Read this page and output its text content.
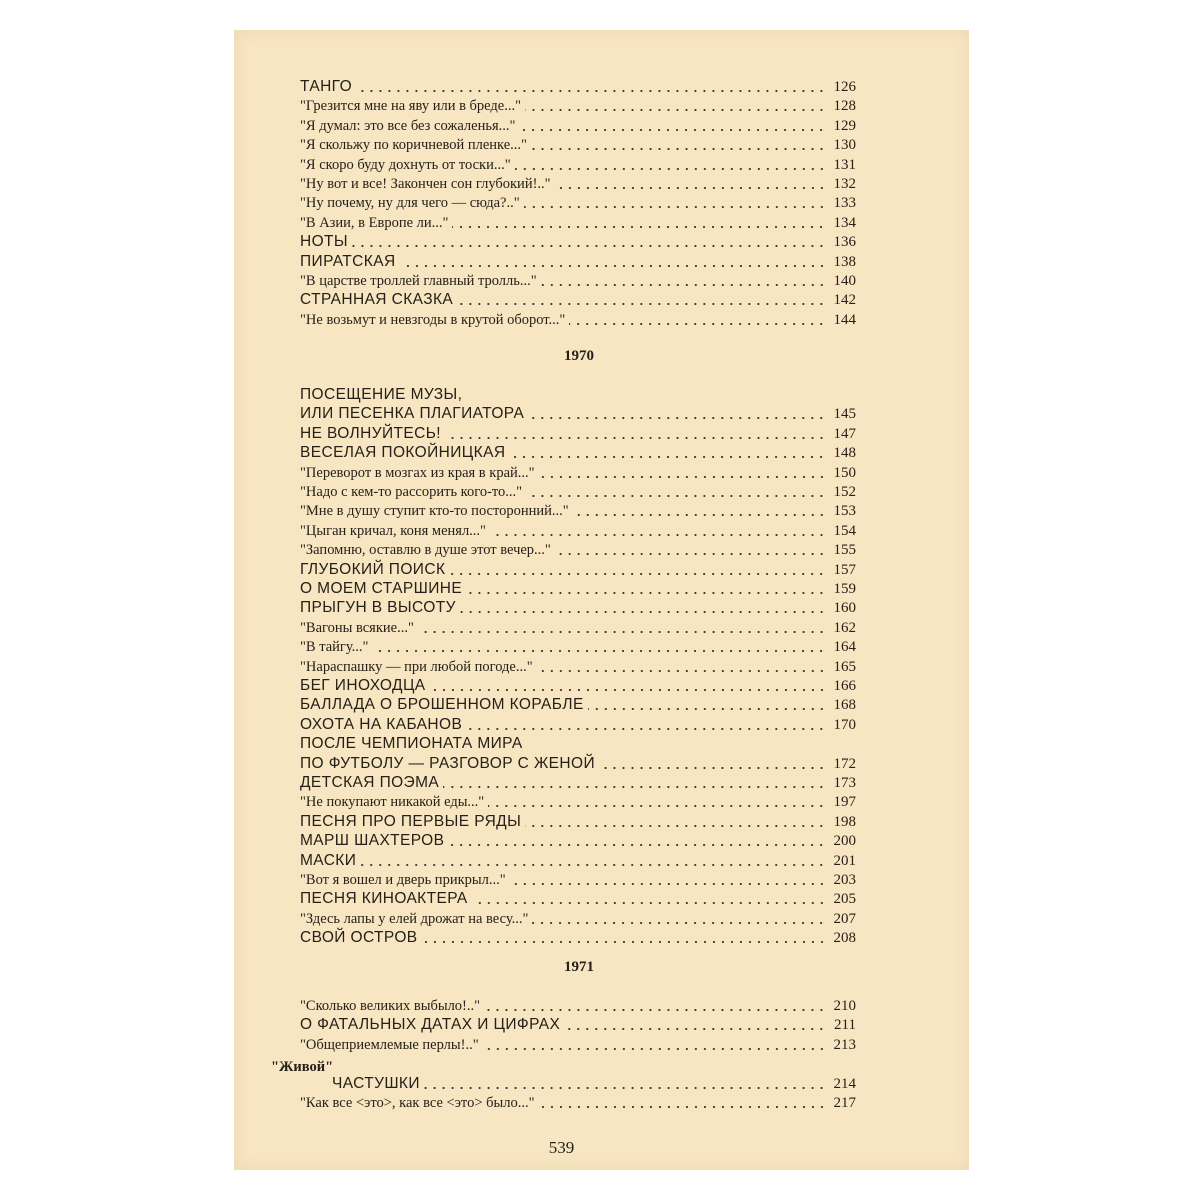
1970
1971
"Живой"
539
ТАНГО	126
"Грезится мне на яву или в бреде..."	128
"Я думал: это все без сожаленья..."	129
"Я скольжу по коричневой пленке..."	130
"Я скоро буду дохнуть от тоски..."	131
"Ну вот и все! Закончен сон глубокий!.."	132
"Ну почему, ну для чего — сюда?.."	133
"В Азии, в Европе ли..."	134
НОТЫ	136
ПИРАТСКАЯ	138
"В царстве троллей главный тролль..."	140
СТРАННАЯ СКАЗКА	142
"Не возьмут и невзгоды в крутой оборот..."	144
ПОСЕЩЕНИЕ МУЗЫ,
ИЛИ ПЕСЕНКА ПЛАГИАТОРА	145
НЕ ВОЛНУЙТЕСЬ!	147
ВЕСЕЛАЯ ПОКОЙНИЦКАЯ	148
"Переворот в мозгах из края в край..."	150
"Надо с кем-то рассорить кого-то..."	152
"Мне в душу ступит кто-то посторонний..."	153
"Цыган кричал, коня менял..."	154
"Запомню, оставлю в душе этот вечер..."	155
ГЛУБОКИЙ ПОИСК	157
О МОЕМ СТАРШИНЕ	159
ПРЫГУН В ВЫСОТУ	160
"Вагоны всякие..."	162
"В тайгу..."	164
"Нараспашку — при любой погоде..."	165
БЕГ ИНОХОДЦА	166
БАЛЛАДА О БРОШЕННОМ КОРАБЛЕ	168
ОХОТА НА КАБАНОВ	170
ПОСЛЕ ЧЕМПИОНАТА МИРА
ПО ФУТБОЛУ — РАЗГОВОР С ЖЕНОЙ	172
ДЕТСКАЯ ПОЭМА	173
"Не покупают никакой еды..."	197
ПЕСНЯ ПРО ПЕРВЫЕ РЯДЫ	198
МАРШ ШАХТЕРОВ	200
МАСКИ	201
"Вот я вошел и дверь прикрыл..."	203
ПЕСНЯ КИНОАКТЕРА	205
"Здесь лапы у елей дрожат на весу..."	207
СВОЙ ОСТРОВ	208
"Сколько великих выбыло!.."	210
О ФАТАЛЬНЫХ ДАТАХ И ЦИФРАХ	211
"Общеприемлемые перлы!.."	213
ЧАСТУШКИ	214
"Как все <это>, как все <это> было..."	217
